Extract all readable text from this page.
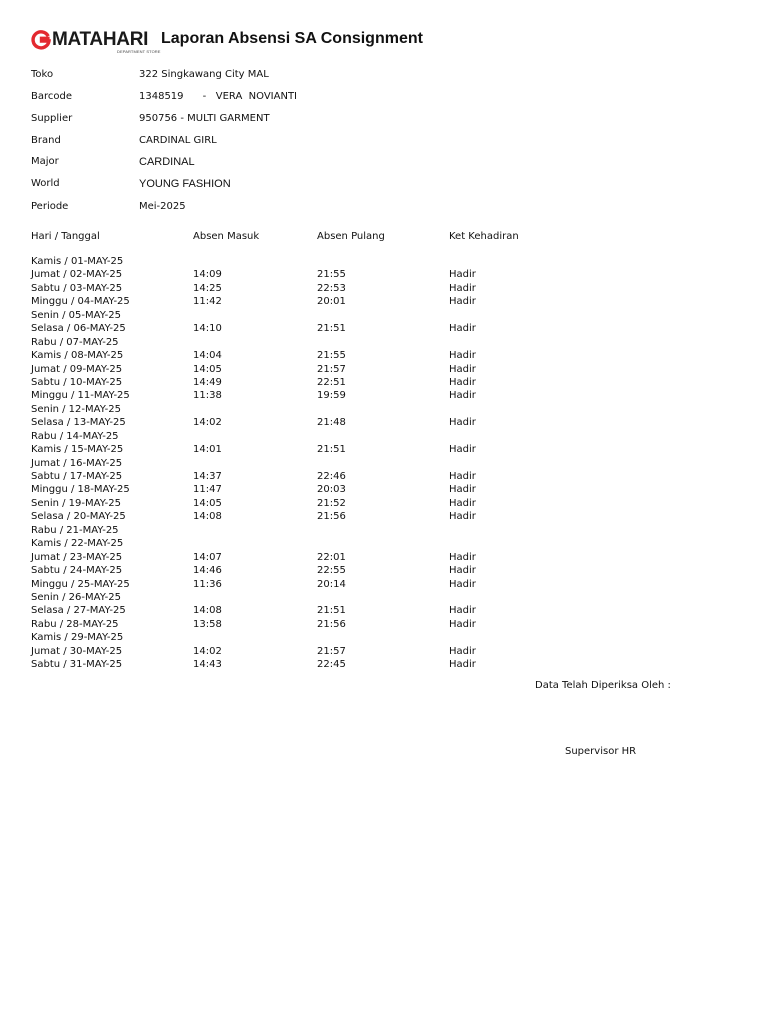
MATAHARI
DEPARTMENT STORE
Laporan Absensi SA Consignment
Toko	322 Singkawang City MAL
Barcode	1348519      -   VERA  NOVIANTI
Supplier	950756 - MULTI GARMENT
Brand	CARDINAL GIRL
Major	CARDINAL
World	YOUNG FASHION
Periode	Mei-2025
Hari / Tanggal	Absen Masuk	Absen Pulang	Ket Kehadiran
Kamis / 01-MAY-25
Jumat / 02-MAY-25	14:09	21:55	Hadir
Sabtu / 03-MAY-25	14:25	22:53	Hadir
Minggu / 04-MAY-25	11:42	20:01	Hadir
Senin / 05-MAY-25
Selasa / 06-MAY-25	14:10	21:51	Hadir
Rabu / 07-MAY-25
Kamis / 08-MAY-25	14:04	21:55	Hadir
Jumat / 09-MAY-25	14:05	21:57	Hadir
Sabtu / 10-MAY-25	14:49	22:51	Hadir
Minggu / 11-MAY-25	11:38	19:59	Hadir
Senin / 12-MAY-25
Selasa / 13-MAY-25	14:02	21:48	Hadir
Rabu / 14-MAY-25
Kamis / 15-MAY-25	14:01	21:51	Hadir
Jumat / 16-MAY-25
Sabtu / 17-MAY-25	14:37	22:46	Hadir
Minggu / 18-MAY-25	11:47	20:03	Hadir
Senin / 19-MAY-25	14:05	21:52	Hadir
Selasa / 20-MAY-25	14:08	21:56	Hadir
Rabu / 21-MAY-25
Kamis / 22-MAY-25
Jumat / 23-MAY-25	14:07	22:01	Hadir
Sabtu / 24-MAY-25	14:46	22:55	Hadir
Minggu / 25-MAY-25	11:36	20:14	Hadir
Senin / 26-MAY-25
Selasa / 27-MAY-25	14:08	21:51	Hadir
Rabu / 28-MAY-25	13:58	21:56	Hadir
Kamis / 29-MAY-25
Jumat / 30-MAY-25	14:02	21:57	Hadir
Sabtu / 31-MAY-25	14:43	22:45	Hadir
Data Telah Diperiksa Oleh :
Supervisor HR
